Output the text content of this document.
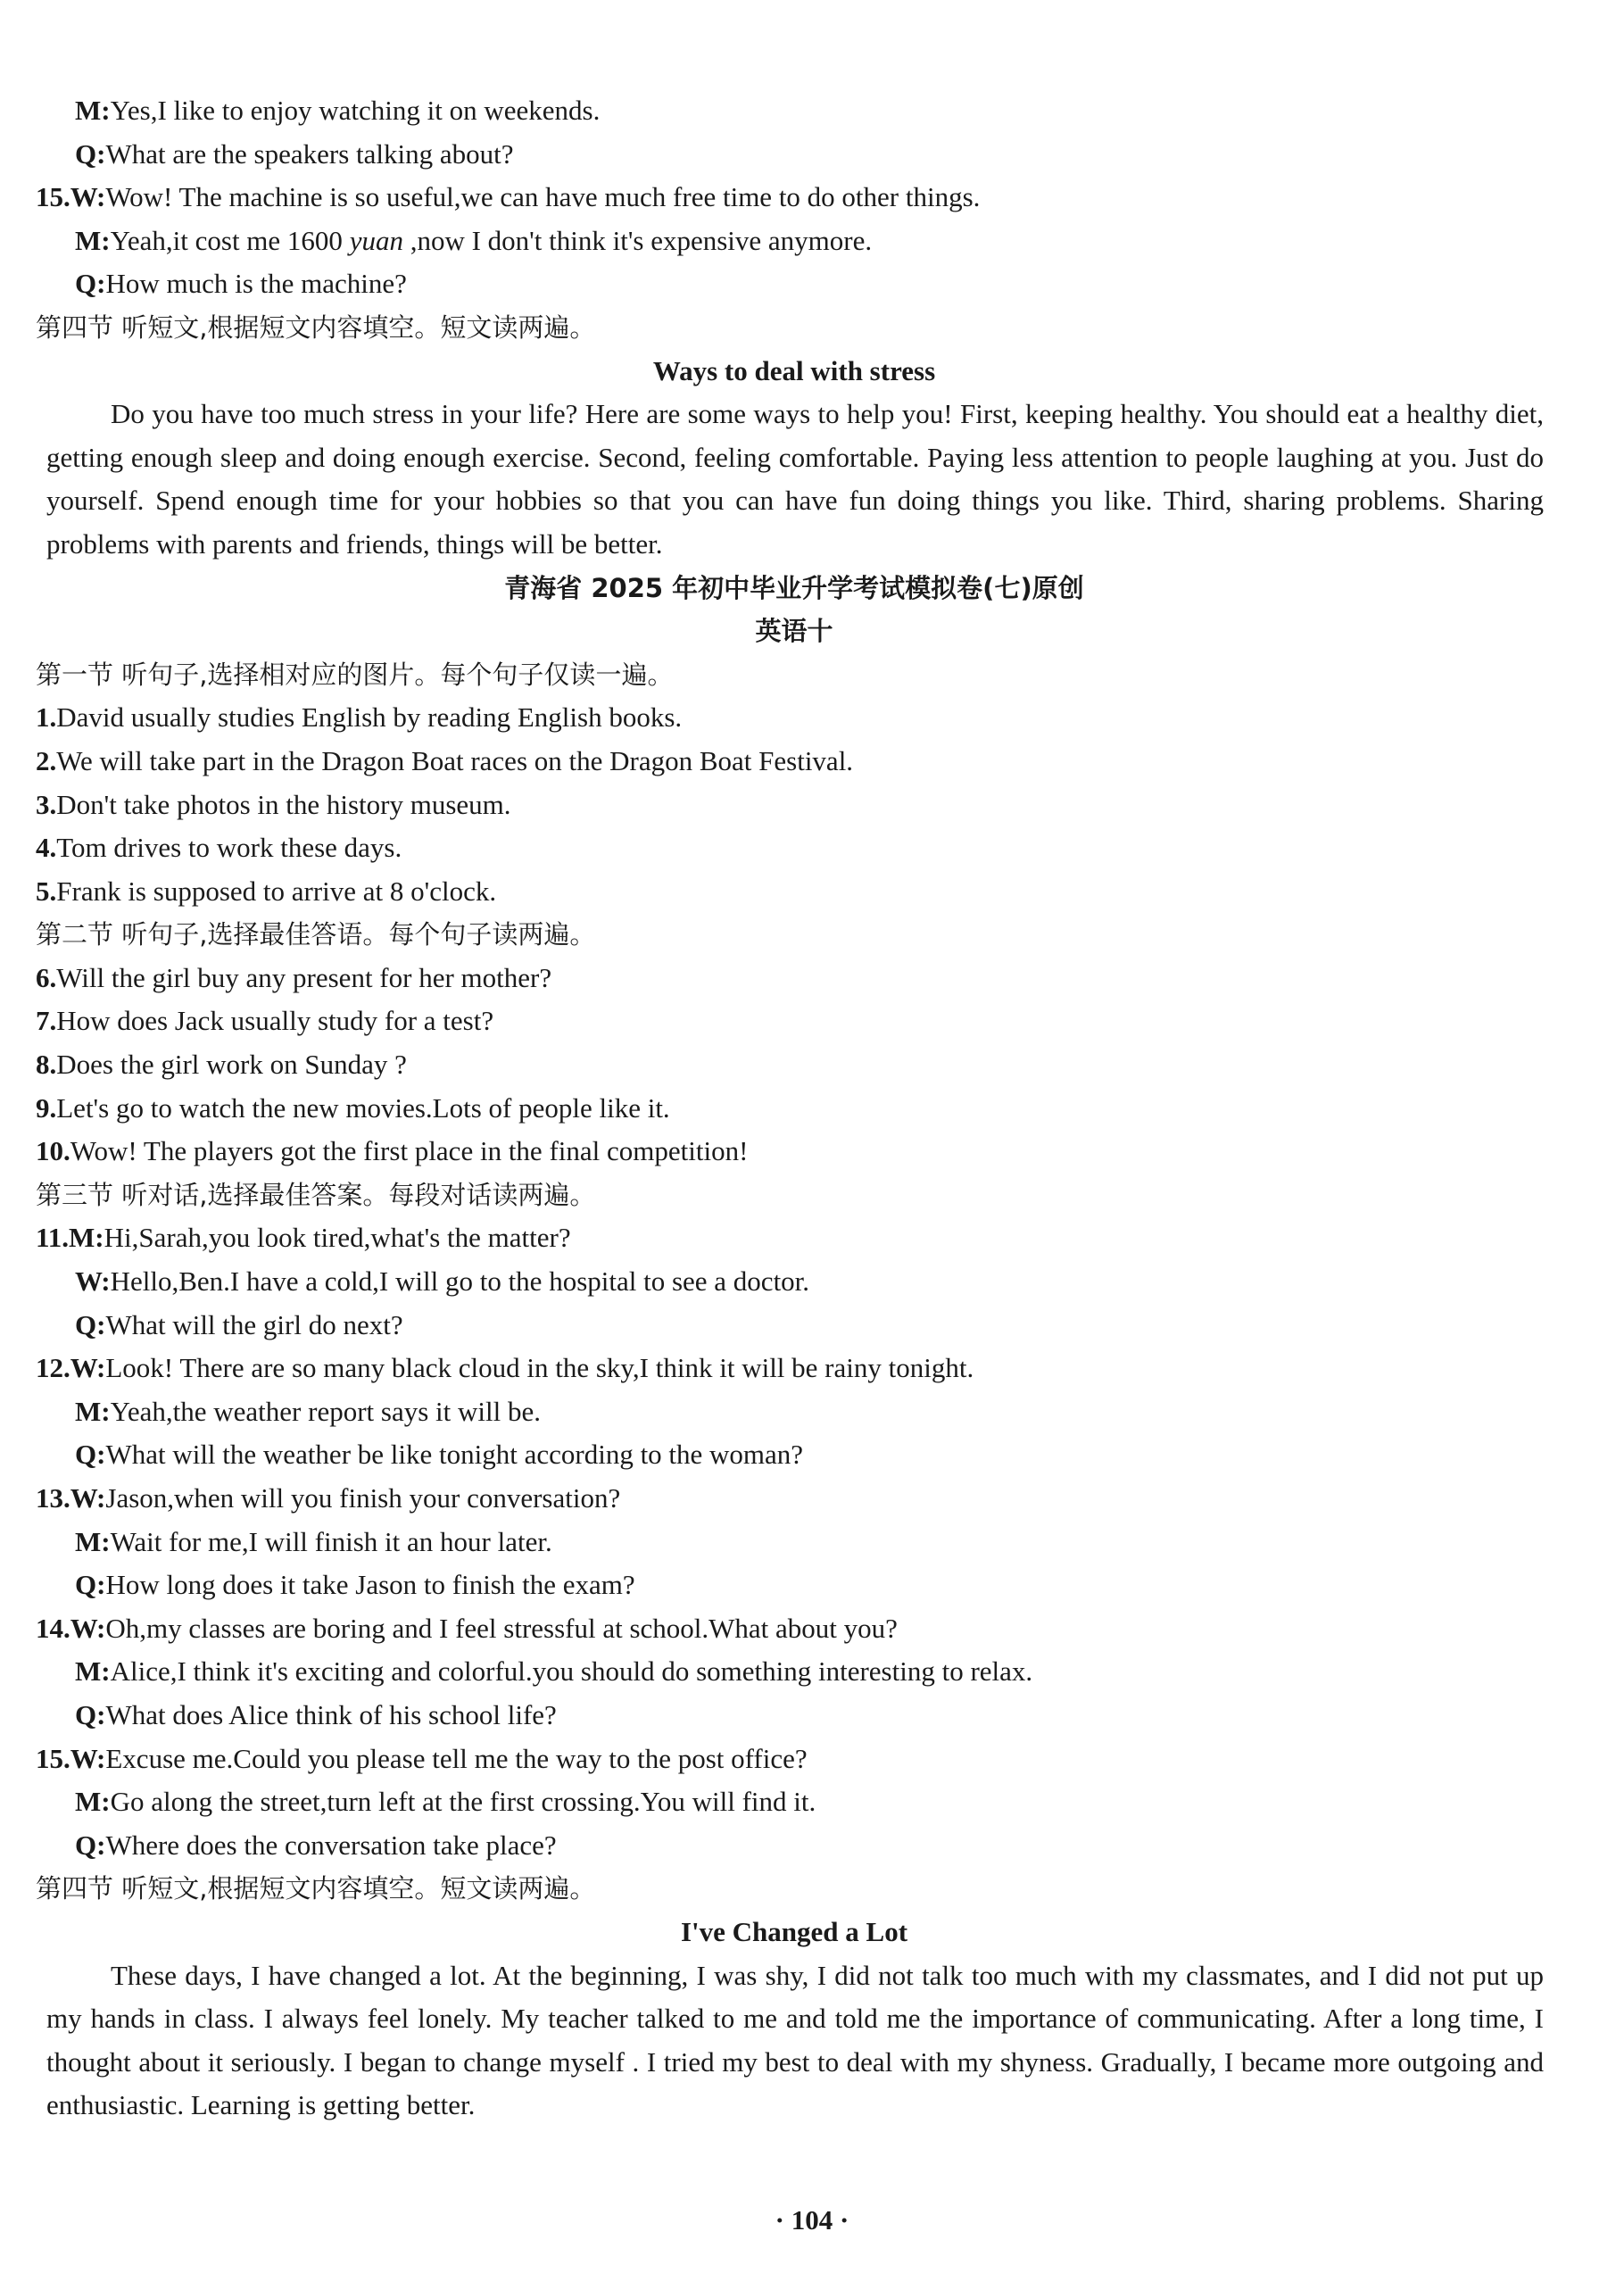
M:Yes,I like to enjoy watching it on weekends.
Q:What are the speakers talking about?
15.W:Wow! The machine is so useful,we can have much free time to do other things.
M:Yeah,it cost me 1600 yuan ,now I don't think it's expensive anymore.
Q:How much is the machine?
第四节 听短文,根据短文内容填空。短文读两遍。
Ways to deal with stress
Do you have too much stress in your life? Here are some ways to help you! First, keeping healthy. You should eat a healthy diet, getting enough sleep and doing enough exercise. Second, feeling comfortable. Paying less attention to people laughing at you. Just do yourself. Spend enough time for your hobbies so that you can have fun doing things you like. Third, sharing problems. Sharing problems with parents and friends, things will be better.
青海省 2025 年初中毕业升学考试模拟卷(七)原创
英语十
第一节 听句子,选择相对应的图片。每个句子仅读一遍。
1.David usually studies English by reading English books.
2.We will take part in the Dragon Boat races on the Dragon Boat Festival.
3.Don't take photos in the history museum.
4.Tom drives to work these days.
5.Frank is supposed to arrive at 8 o'clock.
第二节 听句子,选择最佳答语。每个句子读两遍。
6.Will the girl buy any present for her mother?
7.How does Jack usually study for a test?
8.Does the girl work on Sunday ?
9.Let's go to watch the new movies.Lots of people like it.
10.Wow! The players got the first place in the final competition!
第三节 听对话,选择最佳答案。每段对话读两遍。
11.M:Hi,Sarah,you look tired,what's the matter?
W:Hello,Ben.I have a cold,I will go to the hospital to see a doctor.
Q:What will the girl do next?
12.W:Look! There are so many black cloud in the sky,I think it will be rainy tonight.
M:Yeah,the weather report says it will be.
Q:What will the weather be like tonight according to the woman?
13.W:Jason,when will you finish your conversation?
M:Wait for me,I will finish it an hour later.
Q:How long does it take Jason to finish the exam?
14.W:Oh,my classes are boring and I feel stressful at school.What about you?
M:Alice,I think it's exciting and colorful.you should do something interesting to relax.
Q:What does Alice think of his school life?
15.W:Excuse me.Could you please tell me the way to the post office?
M:Go along the street,turn left at the first crossing.You will find it.
Q:Where does the conversation take place?
第四节 听短文,根据短文内容填空。短文读两遍。
I've Changed a Lot
These days, I have changed a lot. At the beginning, I was shy, I did not talk too much with my classmates, and I did not put up my hands in class. I always feel lonely. My teacher talked to me and told me the importance of communicating. After a long time, I thought about it seriously. I began to change myself . I tried my best to deal with my shyness. Gradually, I became more outgoing and enthusiastic. Learning is getting better.
· 104 ·
